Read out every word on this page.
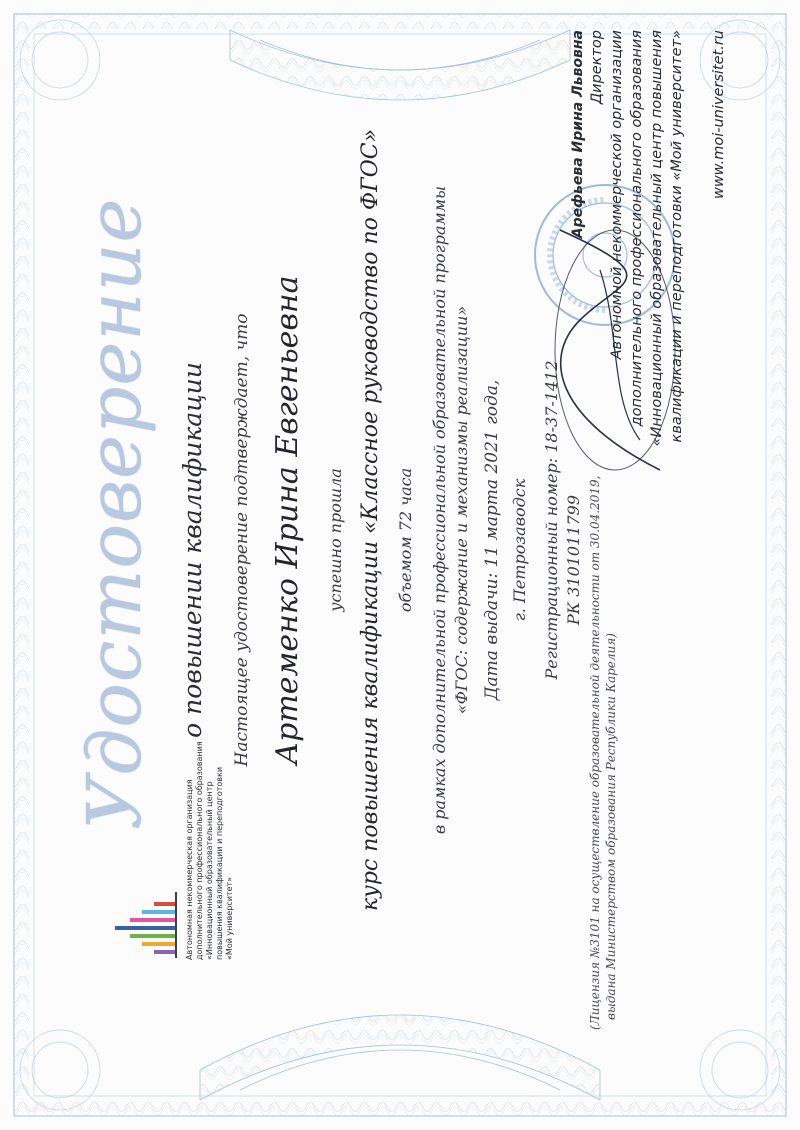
Удостоверение о повышении квалификации Настоящее удостоверение подтверждает, что Артеменко Ирина Евгеньевна успешно прошла курс повышения квалификации «Классное руководство по ФГОС» объемом 72 часа в рамках дополнительной профессиональной образовательной программы «ФГОС: содержание и механизмы реализации» Дата выдачи: 11 марта 2021 года, г. Петрозаводск Регистрационный номер: 18-37-1412 РК 3101011799 (Лицензия №3101 на осуществление образовательной деятельности от 30.04.2019, выдана Министерством образования Республики Карелия)
Арефьева Ирина Львовна Директор Автономной некоммерческой организации дополнительного профессионального образования «Инновационный образовательный центр повышения квалификации и переподготовки «Мой университет» www.moi-universitet.ru
Автономная некоммерческая организация дополнительного профессионального образования «Инновационный образовательный центр повышения квалификации и переподготовки «Мой университет»
